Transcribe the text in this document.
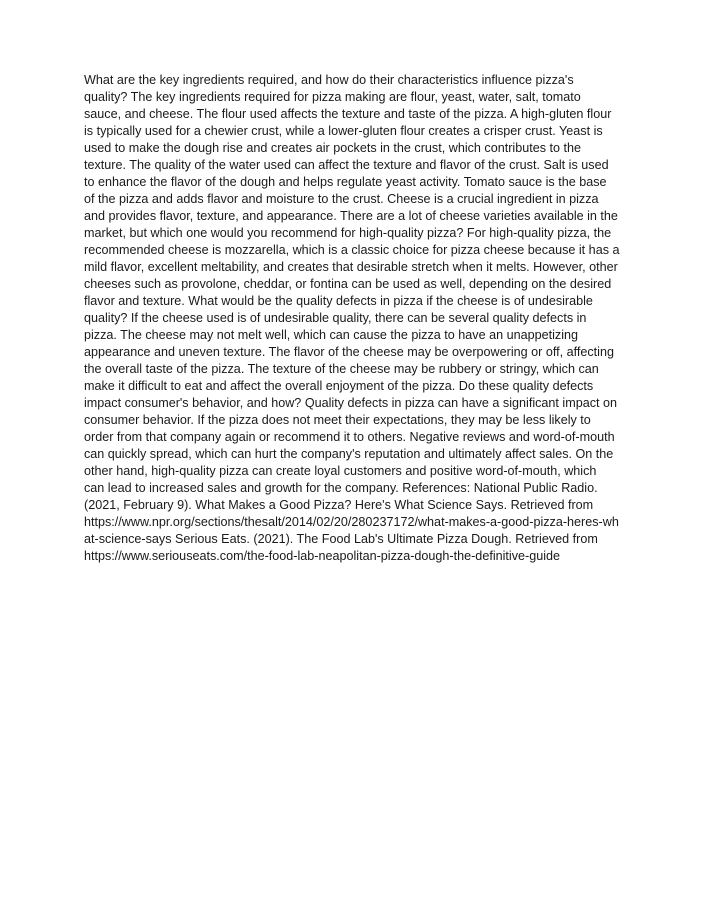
What are the key ingredients required, and how do their characteristics influence pizza's
quality? The key ingredients required for pizza making are flour, yeast, water, salt, tomato
sauce, and cheese. The flour used affects the texture and taste of the pizza. A high-gluten flour
is typically used for a chewier crust, while a lower-gluten flour creates a crisper crust. Yeast is
used to make the dough rise and creates air pockets in the crust, which contributes to the
texture. The quality of the water used can affect the texture and flavor of the crust. Salt is used
to enhance the flavor of the dough and helps regulate yeast activity. Tomato sauce is the base
of the pizza and adds flavor and moisture to the crust. Cheese is a crucial ingredient in pizza
and provides flavor, texture, and appearance. There are a lot of cheese varieties available in the
market, but which one would you recommend for high-quality pizza? For high-quality pizza, the
recommended cheese is mozzarella, which is a classic choice for pizza cheese because it has a
mild flavor, excellent meltability, and creates that desirable stretch when it melts. However, other
cheeses such as provolone, cheddar, or fontina can be used as well, depending on the desired
flavor and texture. What would be the quality defects in pizza if the cheese is of undesirable
quality? If the cheese used is of undesirable quality, there can be several quality defects in
pizza. The cheese may not melt well, which can cause the pizza to have an unappetizing
appearance and uneven texture. The flavor of the cheese may be overpowering or off, affecting
the overall taste of the pizza. The texture of the cheese may be rubbery or stringy, which can
make it difficult to eat and affect the overall enjoyment of the pizza. Do these quality defects
impact consumer's behavior, and how? Quality defects in pizza can have a significant impact on
consumer behavior. If the pizza does not meet their expectations, they may be less likely to
order from that company again or recommend it to others. Negative reviews and word-of-mouth
can quickly spread, which can hurt the company's reputation and ultimately affect sales. On the
other hand, high-quality pizza can create loyal customers and positive word-of-mouth, which
can lead to increased sales and growth for the company. References: National Public Radio.
(2021, February 9). What Makes a Good Pizza? Here's What Science Says. Retrieved from
https://www.npr.org/sections/thesalt/2014/02/20/280237172/what-makes-a-good-pizza-heres-wh
at-science-says Serious Eats. (2021). The Food Lab's Ultimate Pizza Dough. Retrieved from
https://www.seriouseats.com/the-food-lab-neapolitan-pizza-dough-the-definitive-guide
